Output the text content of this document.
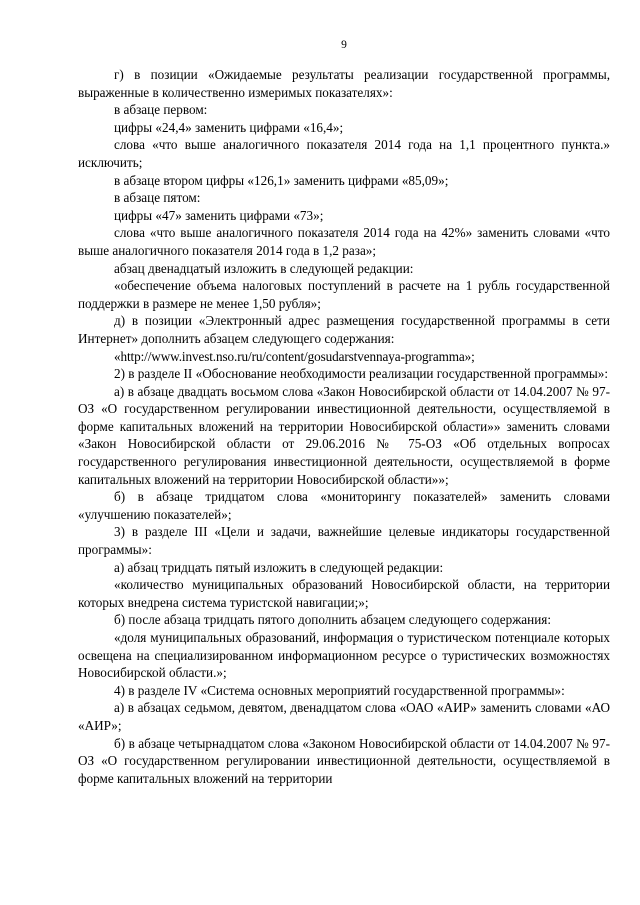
9

г) в позиции «Ожидаемые результаты реализации государственной программы, выраженные в количественно измеримых показателях»:

в абзаце первом:

цифры «24,4» заменить цифрами «16,4»;

слова «что выше аналогичного показателя 2014 года на 1,1 процентного пункта.» исключить;

в абзаце втором цифры «126,1» заменить цифрами «85,09»;

в абзаце пятом:

цифры «47» заменить цифрами «73»;

слова «что выше аналогичного показателя 2014 года на 42%» заменить словами «что выше аналогичного показателя 2014 года в 1,2 раза»;

абзац двенадцатый изложить в следующей редакции:

«обеспечение объема налоговых поступлений в расчете на 1 рубль государственной поддержки в размере не менее 1,50 рубля»;

д) в позиции «Электронный адрес размещения государственной программы в сети Интернет» дополнить абзацем следующего содержания:

«http://www.invest.nso.ru/ru/content/gosudarstvennaya-programma»;

2) в разделе II «Обоснование необходимости реализации государственной программы»:

а) в абзаце двадцать восьмом слова «Закон Новосибирской области от 14.04.2007 № 97-ОЗ «О государственном регулировании инвестиционной деятельности, осуществляемой в форме капитальных вложений на территории Новосибирской области»» заменить словами «Закон Новосибирской области от 29.06.2016 № 75-ОЗ «Об отдельных вопросах государственного регулирования инвестиционной деятельности, осуществляемой в форме капитальных вложений на территории Новосибирской области»»;

б) в абзаце тридцатом слова «мониторингу показателей» заменить словами «улучшению показателей»;

3) в разделе III «Цели и задачи, важнейшие целевые индикаторы государственной программы»:

а) абзац тридцать пятый изложить в следующей редакции:

«количество муниципальных образований Новосибирской области, на территории которых внедрена система туристской навигации;»;

б) после абзаца тридцать пятого дополнить абзацем следующего содержания:

«доля муниципальных образований, информация о туристическом потенциале которых освещена на специализированном информационном ресурсе о туристических возможностях Новосибирской области.»;

4) в разделе IV «Система основных мероприятий государственной программы»:

а) в абзацах седьмом, девятом, двенадцатом слова «ОАО «АИР» заменить словами «АО «АИР»;

б) в абзаце четырнадцатом слова «Законом Новосибирской области от 14.04.2007 № 97-ОЗ «О государственном регулировании инвестиционной деятельности, осуществляемой в форме капитальных вложений на территории
